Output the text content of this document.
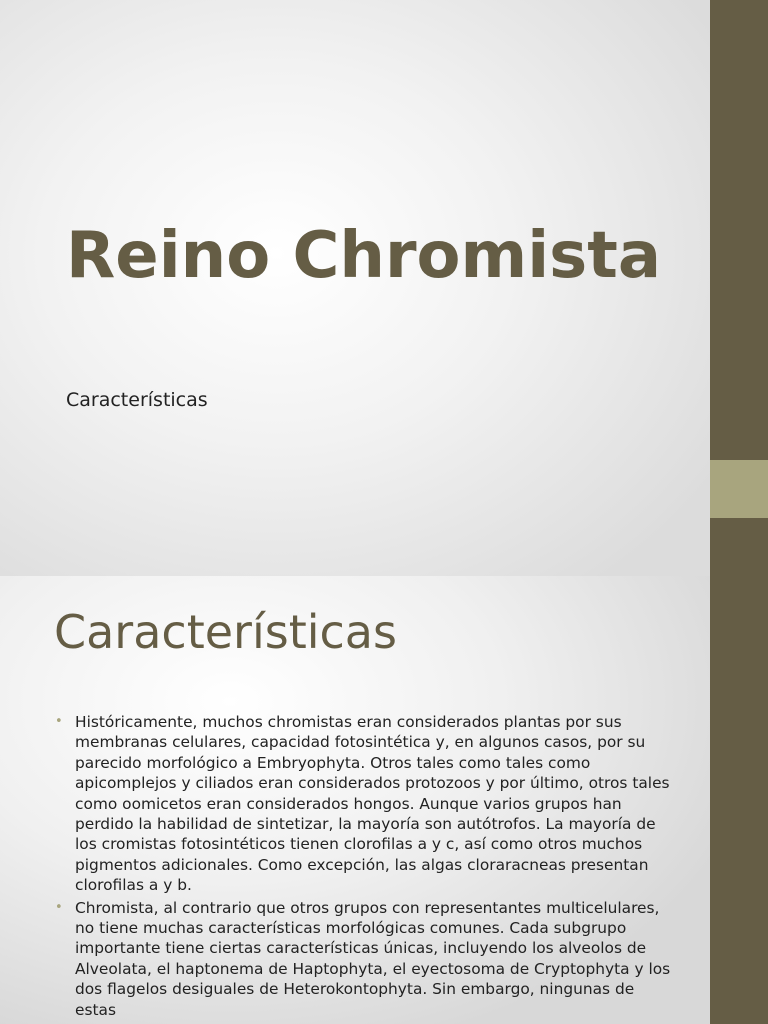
Reino Chromista

Características

Características
• Históricamente, muchos chromistas eran considerados plantas por sus membranas celulares, capacidad fotosintética y, en algunos casos, por su parecido morfológico a Embryophyta. Otros tales como tales como apicomplejos y ciliados eran considerados protozoos y por último, otros tales como oomicetos eran considerados hongos. Aunque varios grupos han perdido la habilidad de sintetizar, la mayoría son autótrofos. La mayoría de los cromistas fotosintéticos tienen clorofilas a y c, así como otros muchos pigmentos adicionales. Como excepción, las algas cloraracneas presentan clorofilas a y b.
• Chromista, al contrario que otros grupos con representantes multicelulares, no tiene muchas características morfológicas comunes. Cada subgrupo importante tiene ciertas características únicas, incluyendo los alveolos de Alveolata, el haptonema de Haptophyta, el eyectosoma de Cryptophyta y los dos flagelos desiguales de Heterokontophyta. Sin embargo, ningunas de estas
